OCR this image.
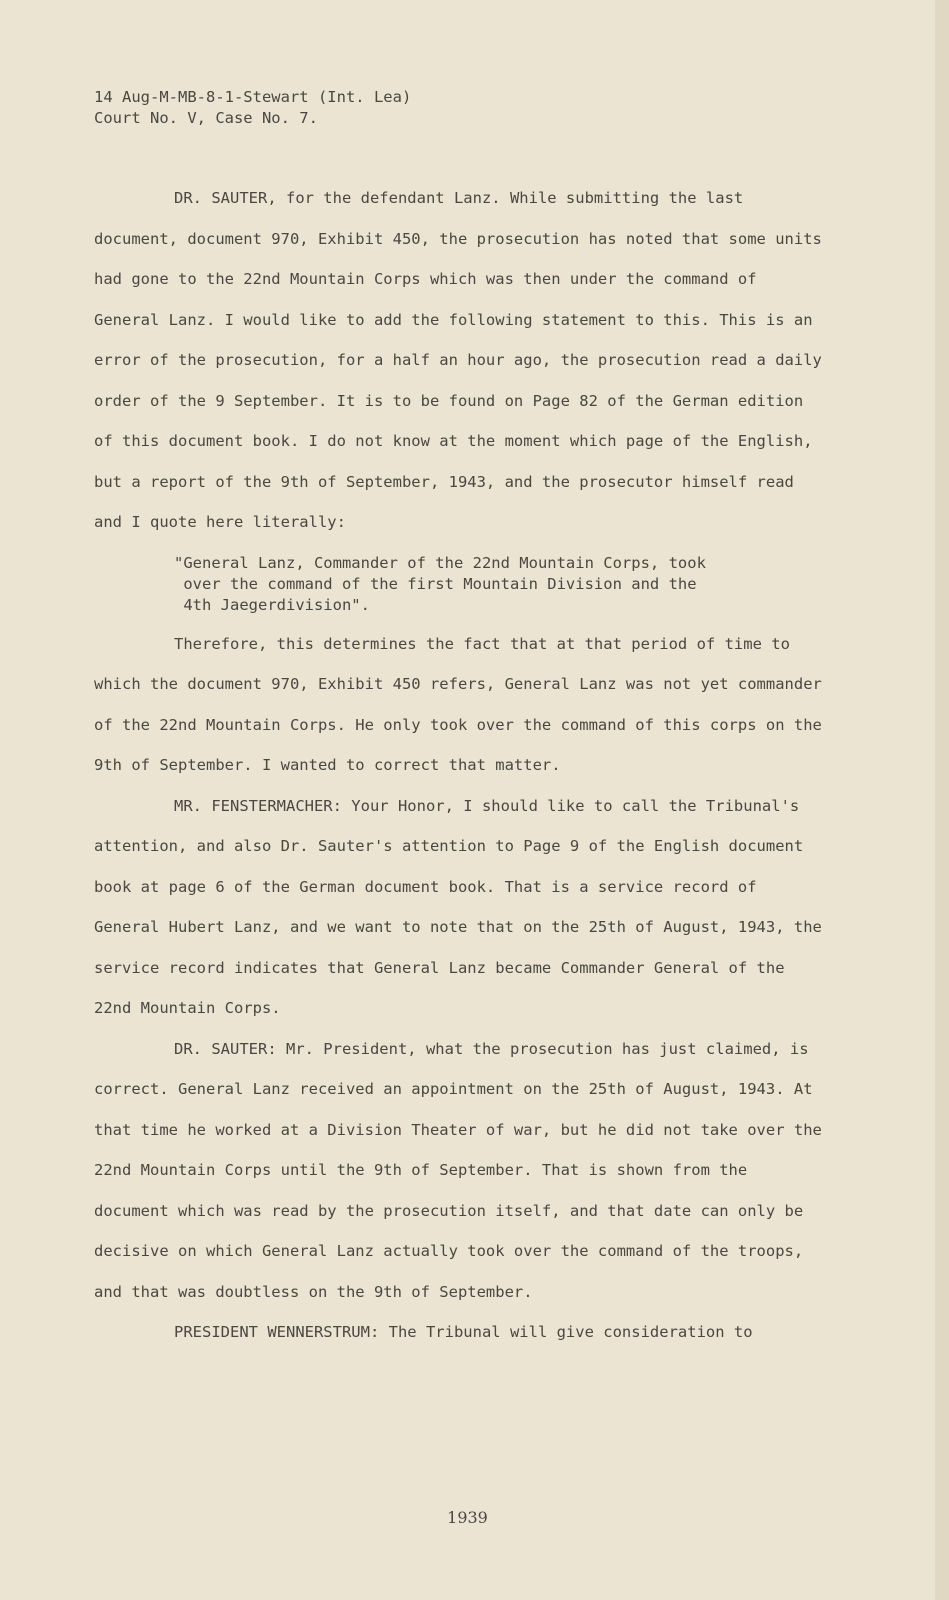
14 Aug-M-MB-8-1-Stewart (Int. Lea)
Court No. V, Case No. 7.

DR. SAUTER, for the defendant Lanz. While submitting the last document, document 970, Exhibit 450, the prosecution has noted that some units had gone to the 22nd Mountain Corps which was then under the command of General Lanz. I would like to add the following statement to this. This is an error of the prosecution, for a half an hour ago, the prosecution read a daily order of the 9 September. It is to be found on Page 82 of the German edition of this document book. I do not know at the moment which page of the English, but a report of the 9th of September, 1943, and the prosecutor himself read and I quote here literally:

"General Lanz, Commander of the 22nd Mountain Corps, took
over the command of the first Mountain Division and the
4th Jaegerdivision".

Therefore, this determines the fact that at that period of time to which the document 970, Exhibit 450 refers, General Lanz was not yet commander of the 22nd Mountain Corps. He only took over the command of this corps on the 9th of September. I wanted to correct that matter.

MR. FENSTERMACHER: Your Honor, I should like to call the Tribunal's attention, and also Dr. Sauter's attention to Page 9 of the English document book at page 6 of the German document book. That is a service record of General Hubert Lanz, and we want to note that on the 25th of August, 1943, the service record indicates that General Lanz became Commander General of the 22nd Mountain Corps.

DR. SAUTER: Mr. President, what the prosecution has just claimed, is correct. General Lanz received an appointment on the 25th of August, 1943. At that time he worked at a Division Theater of war, but he did not take over the 22nd Mountain Corps until the 9th of September. That is shown from the document which was read by the prosecution itself, and that date can only be decisive on which General Lanz actually took over the command of the troops, and that was doubtless on the 9th of September.

PRESIDENT WENNERSTRUM: The Tribunal will give consideration to

1939
